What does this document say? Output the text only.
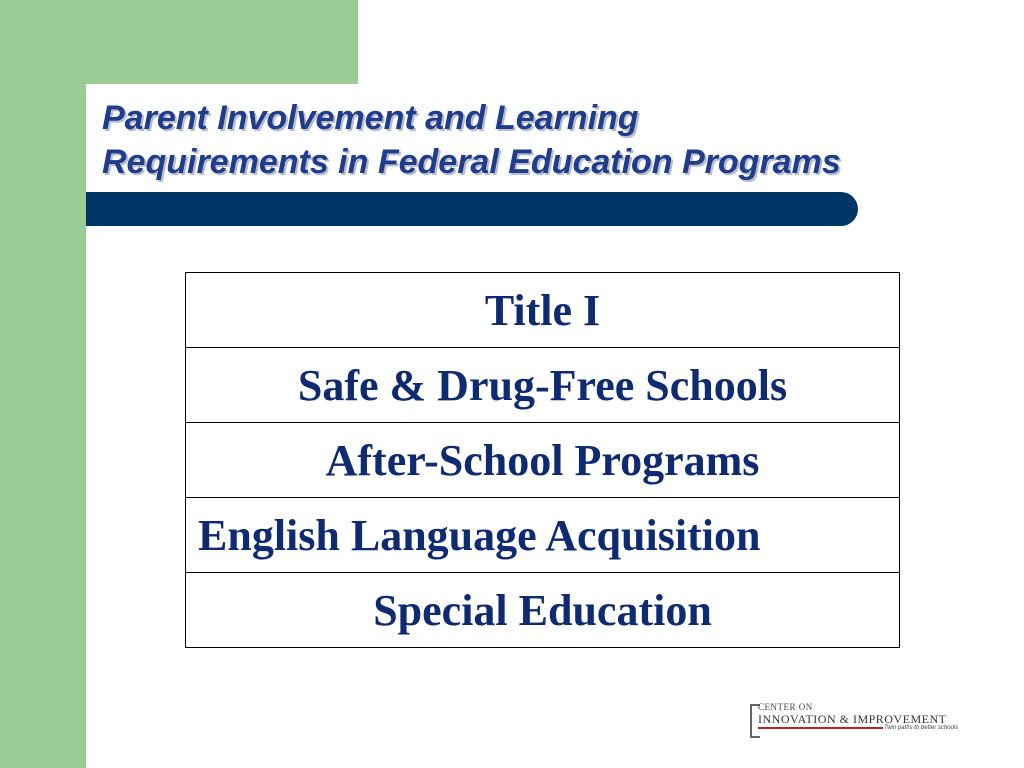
Parent Involvement and Learning
Requirements in Federal Education Programs
Title I
Safe & Drug-Free Schools
After-School Programs
English Language Acquisition
Special Education
CENTER ON
INNOVATION & IMPROVEMENT
Twin paths to better schools
